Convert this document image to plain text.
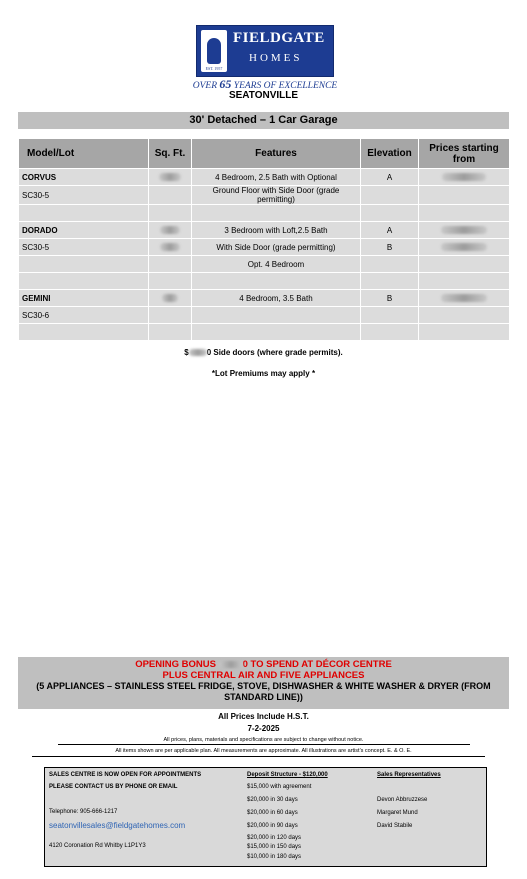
EST. 1957
FIELDGATE
HOMES
OVER 65 YEARS OF EXCELLENCE
SEATONVILLE
30' Detached – 1 Car Garage
Model/Lot	Sq. Ft.	Features	Elevation	Prices starting from
CORVUS		4 Bedroom, 2.5 Bath with Optional	A	
SC30-5		Ground Floor with Side Door (grade permitting)		

DORADO		3 Bedroom with Loft,2.5 Bath	A	
SC30-5		With Side Door (grade permitting)	B	
		Opt. 4 Bedroom		

GEMINI		4 Bedroom, 3.5 Bath	B	
SC30-6				

$ 0 Side doors (where grade permits).
*Lot Premiums may apply *
OPENING BONUS	0 TO SPEND AT DÉCOR CENTRE
PLUS CENTRAL AIR AND FIVE APPLIANCES
(5 APPLIANCES – STAINLESS STEEL FRIDGE, STOVE, DISHWASHER & WHITE WASHER & DRYER (FROM STANDARD LINE))
All Prices Include H.S.T.
7-2-2025
All prices, plans, materials and specifications are subject to change without notice.
All items shown are per applicable plan. All measurements are approximate. All illustrations are artist's concept. E. & O. E.
SALES CENTRE IS NOW OPEN FOR APPOINTMENTS
PLEASE CONTACT US BY PHONE OR EMAIL
Telephone: 905-666-1217
seatonvillesales@fieldgatehomes.com
4120 Coronation Rd Whitby L1P1Y3
Deposit Structure - $120,000
$15,000 with agreement
$20,000 in 30 days
$20,000 in 60 days
$20,000 in 90 days
$20,000 in 120 days
$15,000 in 150 days
$10,000 in 180 days
Sales Representatives
Devon Abbruzzese
Margaret Mund
David Stabile
